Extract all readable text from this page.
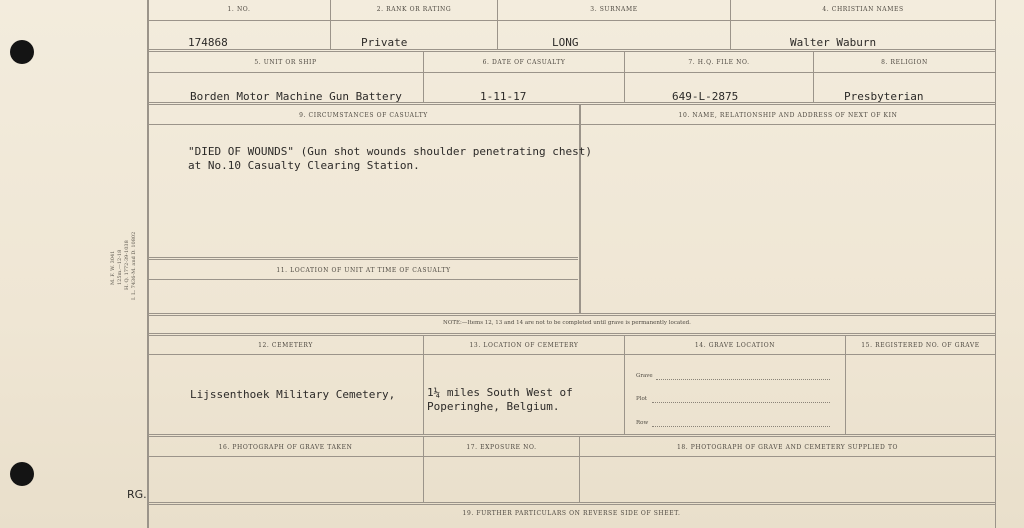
1. NO.	2. RANK OR RATING	3. SURNAME	4. CHRISTIAN NAMES
174868	Private	LONG	Walter Waburn
5. UNIT OR SHIP	6. DATE OF CASUALTY	7. H.Q. FILE NO.	8. RELIGION
Borden Motor Machine Gun Battery	1-11-17	649-L-2875	Presbyterian
9. CIRCUMSTANCES OF CASUALTY	10. NAME, RELATIONSHIP AND ADDRESS OF NEXT OF KIN
"DIED OF WOUNDS" (Gun shot wounds shoulder penetrating chest)
at No.10 Casualty Clearing Station.
11. LOCATION OF UNIT AT TIME OF CASUALTY
NOTE:—Items 12, 13 and 14 are not to be completed until grave is permanently located.
12. CEMETERY	13. LOCATION OF CEMETERY	14. GRAVE LOCATION	15. REGISTERED NO. OF GRAVE
Lijssenthoek Military Cemetery,	1¼ miles South West of
Poperinghe, Belgium.
Grave
Plot
Row
16. PHOTOGRAPH OF GRAVE TAKEN	17. EXPOSURE NO.	18. PHOTOGRAPH OF GRAVE AND CEMETERY SUPPLIED TO
19. FURTHER PARTICULARS ON REVERSE SIDE OF SHEET.
M. F. W. 3041 125m.—12-18 H. Q. 1772-39-1038 I. L. 7436-M. and D. 10802
RG.
